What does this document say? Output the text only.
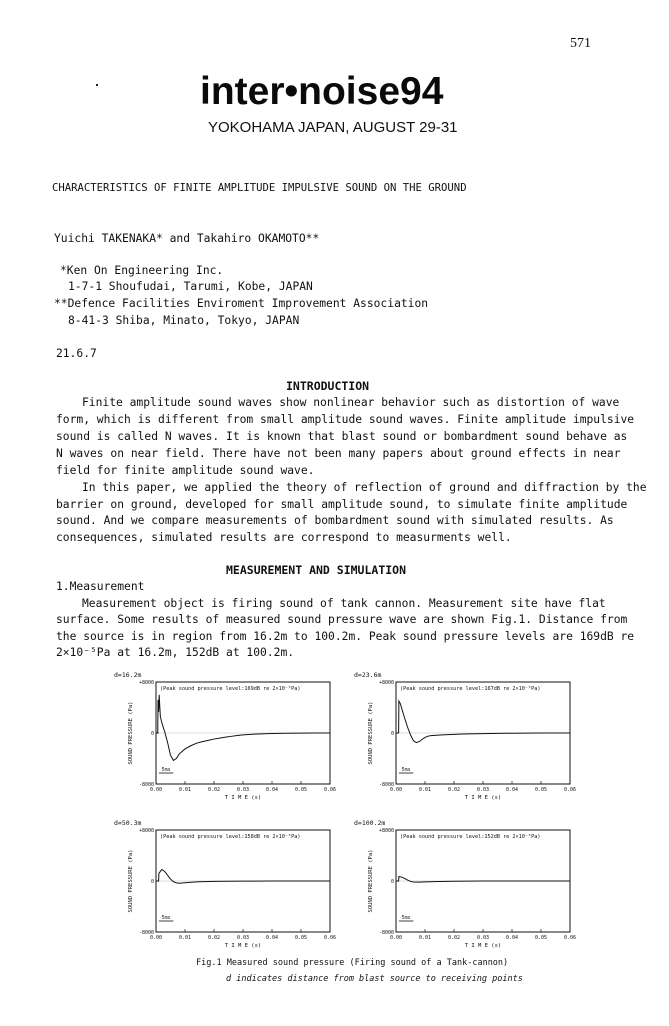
571
inter•noise94
YOKOHAMA JAPAN, AUGUST 29-31
CHARACTERISTICS OF FINITE AMPLITUDE IMPULSIVE SOUND ON THE GROUND
Yuichi TAKENAKA* and Takahiro OKAMOTO**
*Ken On Engineering Inc.
1-7-1 Shoufudai, Tarumi, Kobe, JAPAN
**Defence Facilities Enviroment Improvement Association
8-41-3 Shiba, Minato, Tokyo, JAPAN
21.6.7
INTRODUCTION
Finite amplitude sound waves show nonlinear behavior such as distortion of wave
form, which is different from small amplitude sound waves. Finite amplitude impulsive
sound is called N waves. It is known that blast sound or bombardment sound behave as
N waves on near field. There have not been many papers about ground effects in near
field for finite amplitude sound wave.
In this paper, we applied the theory of reflection of ground and diffraction by the
barrier on ground, developed for small amplitude sound, to simulate finite amplitude
sound. And we compare measurements of bombardment sound with simulated results. As
consequences, simulated results are correspond to measurments well.
MEASUREMENT AND SIMULATION
1.Measurement
Measurement object is firing sound of tank cannon. Measurement site have flat
surface. Some results of measured sound pressure wave are shown Fig.1. Distance from
the source is in region from 16.2m to 100.2m. Peak sound pressure levels are 169dB re
2×10⁻⁵Pa at 16.2m, 152dB at 100.2m.
d=16.2m
(Peak sound pressure level:169dB re 2×10⁻⁵Pa)
+8000
0
-8000
SOUND PRESSURE (Pa)
0.00	0.01	0.02	0.03	0.04	0.05	0.06
T I M E (s)
5ms
d=23.6m
(Peak sound pressure level:167dB re 2×10⁻⁵Pa)
+8000
0
-8000
SOUND PRESSURE (Pa)
0.00	0.01	0.02	0.03	0.04	0.05	0.06
T I M E (s)
5ms
d=50.3m
(Peak sound pressure level:158dB re 2×10⁻⁵Pa)
+8000
0
-8000
SOUND PRESSURE (Pa)
0.00	0.01	0.02	0.03	0.04	0.05	0.06
T I M E (s)
5ms
d=100.2m
(Peak sound pressure level:152dB re 2×10⁻⁵Pa)
+8000
0
-8000
SOUND PRESSURE (Pa)
0.00	0.01	0.02	0.03	0.04	0.05	0.06
T I M E (s)
5ms
Fig.1 Measured sound pressure (Firing sound of a Tank-cannon)
d indicates distance from blast source to receiving points
